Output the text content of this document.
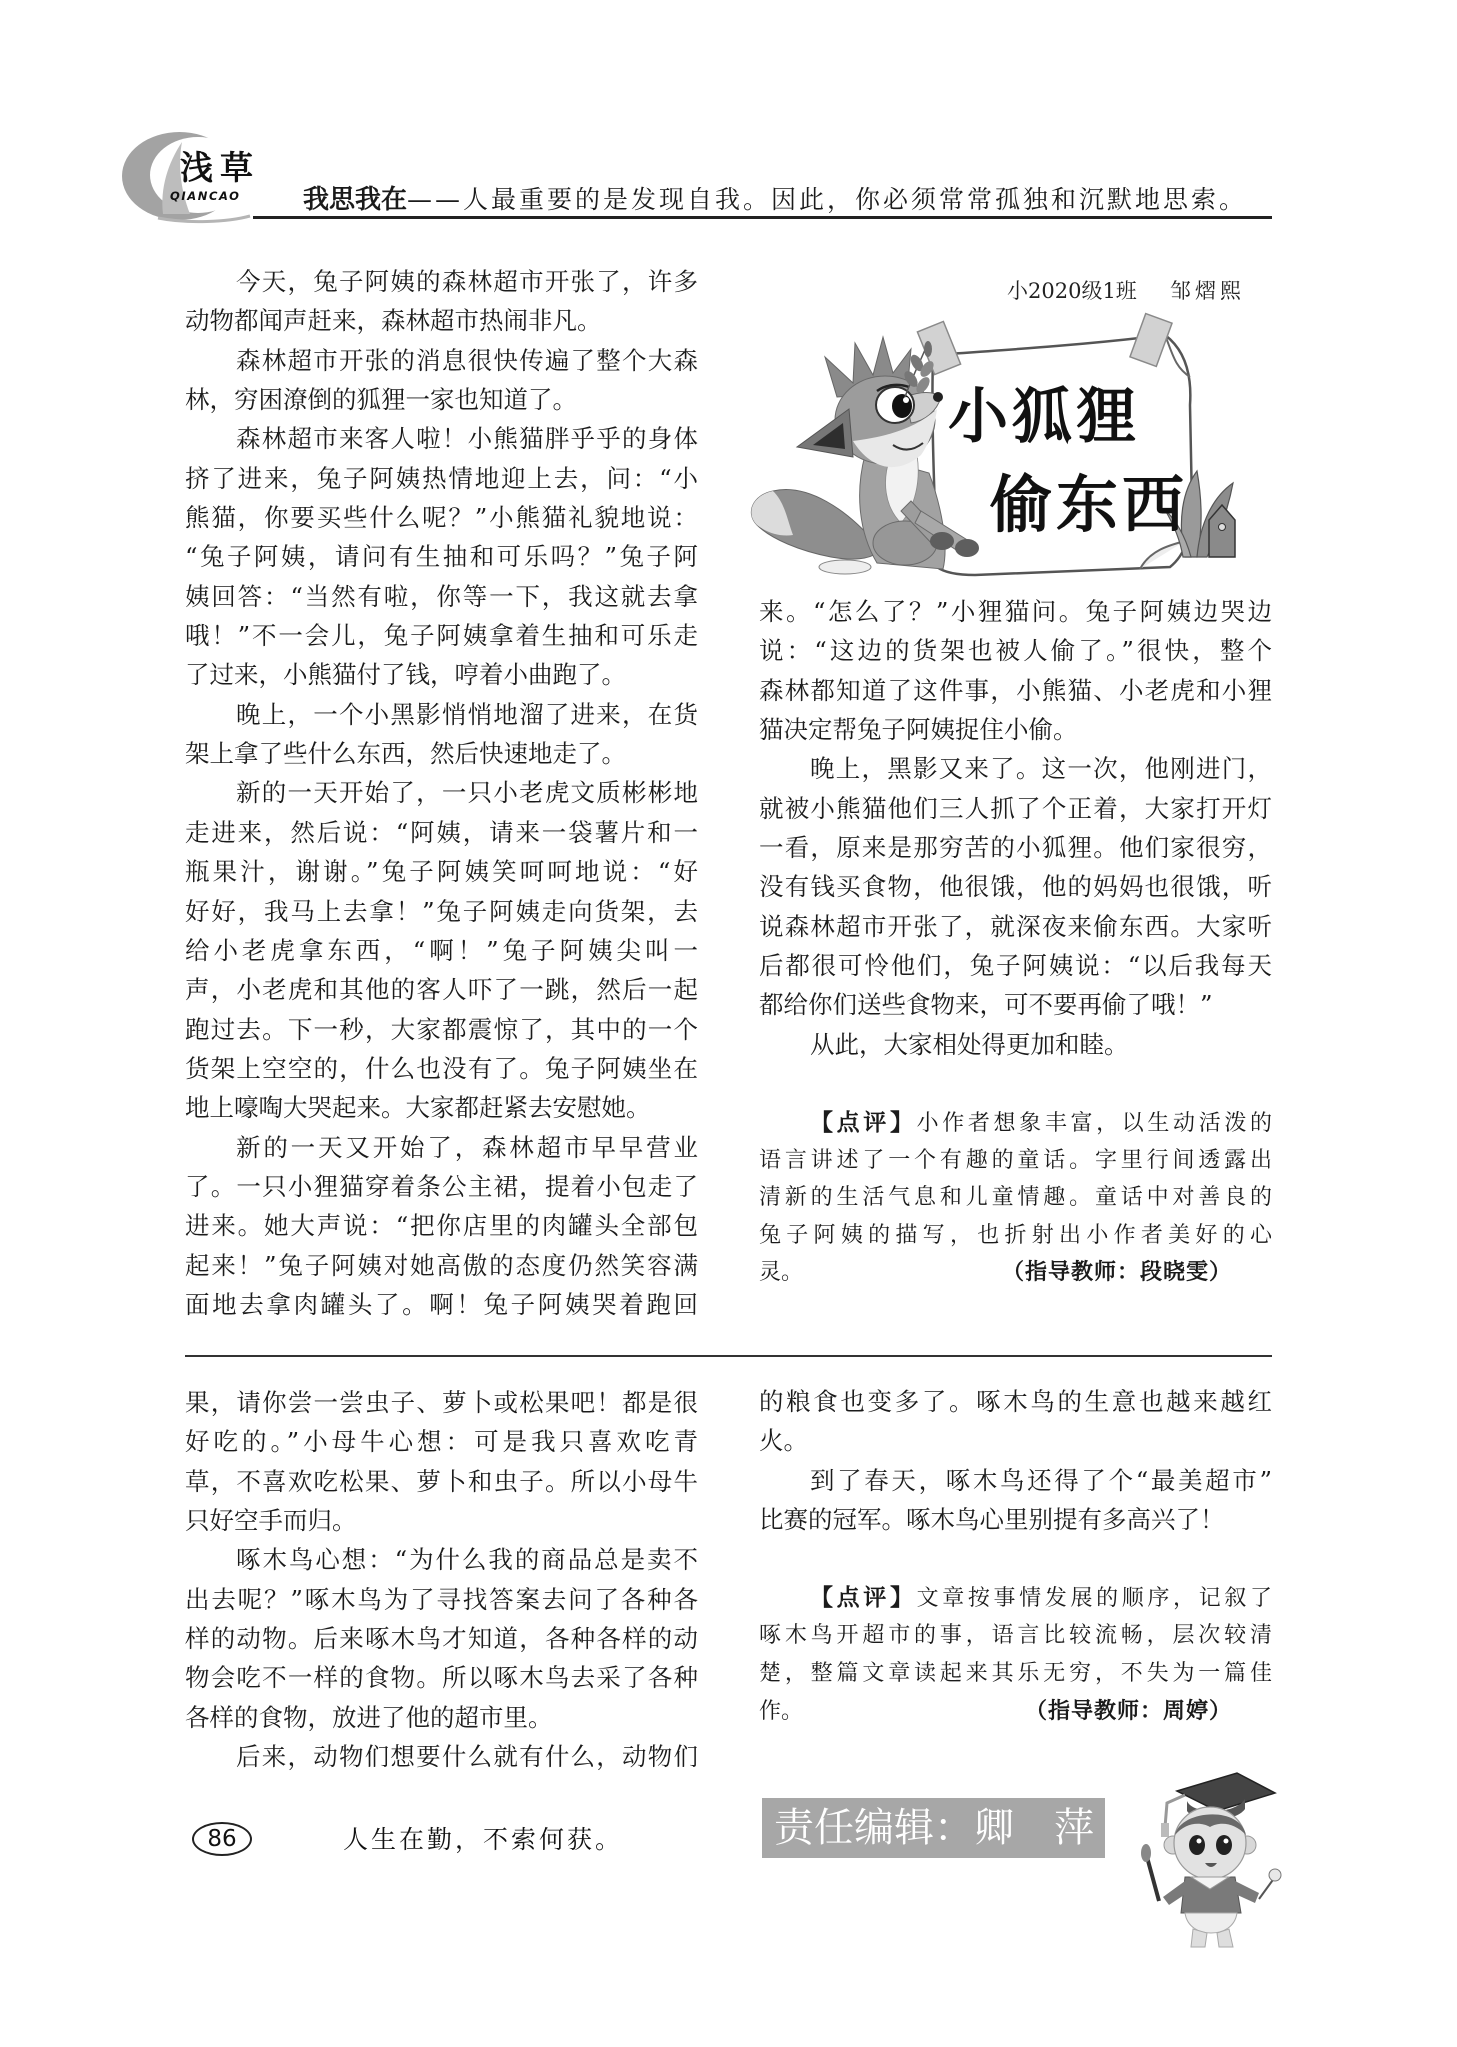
浅草
QIANCAO 我思我在——人最重要的是发现自我。因此，你必须常常孤独和沉默地思索。
小2020级1班 邹熠熙
小狐狸
偷东西
今天，兔子阿姨的森林超市开张了，许多
动物都闻声赶来，森林超市热闹非凡。
森林超市开张的消息很快传遍了整个大森
林，穷困潦倒的狐狸一家也知道了。
森林超市来客人啦！小熊猫胖乎乎的身体
挤了进来，兔子阿姨热情地迎上去，问：“小
熊猫，你要买些什么呢？”小熊猫礼貌地说：
“兔子阿姨，请问有生抽和可乐吗？”兔子阿
姨回答：“当然有啦，你等一下，我这就去拿
哦！”不一会儿，兔子阿姨拿着生抽和可乐走
了过来，小熊猫付了钱，哼着小曲跑了。
晚上，一个小黑影悄悄地溜了进来，在货
架上拿了些什么东西，然后快速地走了。
新的一天开始了，一只小老虎文质彬彬地
走进来，然后说：“阿姨，请来一袋薯片和一
瓶果汁，谢谢。”兔子阿姨笑呵呵地说：“好
好好，我马上去拿！”兔子阿姨走向货架，去
给小老虎拿东西，“啊！”兔子阿姨尖叫一
声，小老虎和其他的客人吓了一跳，然后一起
跑过去。下一秒，大家都震惊了，其中的一个
货架上空空的，什么也没有了。兔子阿姨坐在
地上嚎啕大哭起来。大家都赶紧去安慰她。
新的一天又开始了，森林超市早早营业
了。一只小狸猫穿着条公主裙，提着小包走了
进来。她大声说：“把你店里的肉罐头全部包
起来！”兔子阿姨对她高傲的态度仍然笑容满
面地去拿肉罐头了。啊！兔子阿姨哭着跑回
来。“怎么了？”小狸猫问。兔子阿姨边哭边
说：“这边的货架也被人偷了。”很快，整个
森林都知道了这件事，小熊猫、小老虎和小狸
猫决定帮兔子阿姨捉住小偷。
晚上，黑影又来了。这一次，他刚进门，
就被小熊猫他们三人抓了个正着，大家打开灯
一看，原来是那穷苦的小狐狸。他们家很穷，
没有钱买食物，他很饿，他的妈妈也很饿，听
说森林超市开张了，就深夜来偷东西。大家听
后都很可怜他们，兔子阿姨说：“以后我每天
都给你们送些食物来，可不要再偷了哦！”
从此，大家相处得更加和睦。
【点评】小作者想象丰富，以生动活泼的
语言讲述了一个有趣的童话。字里行间透露出
清新的生活气息和儿童情趣。童话中对善良的
兔子阿姨的描写，也折射出小作者美好的心
灵。	（指导教师：段晓雯）
果，请你尝一尝虫子、萝卜或松果吧！都是很
好吃的。”小母牛心想：可是我只喜欢吃青
草，不喜欢吃松果、萝卜和虫子。所以小母牛
只好空手而归。
啄木鸟心想：“为什么我的商品总是卖不
出去呢？”啄木鸟为了寻找答案去问了各种各
样的动物。后来啄木鸟才知道，各种各样的动
物会吃不一样的食物。所以啄木鸟去采了各种
各样的食物，放进了他的超市里。
后来，动物们想要什么就有什么，动物们
的粮食也变多了。啄木鸟的生意也越来越红
火。
到了春天，啄木鸟还得了个“最美超市”
比赛的冠军。啄木鸟心里别提有多高兴了！
【点评】文章按事情发展的顺序，记叙了
啄木鸟开超市的事，语言比较流畅，层次较清
楚，整篇文章读起来其乐无穷，不失为一篇佳
作。	（指导教师：周婷）
86	人生在勤，不索何获。	责任编辑：卿　萍
